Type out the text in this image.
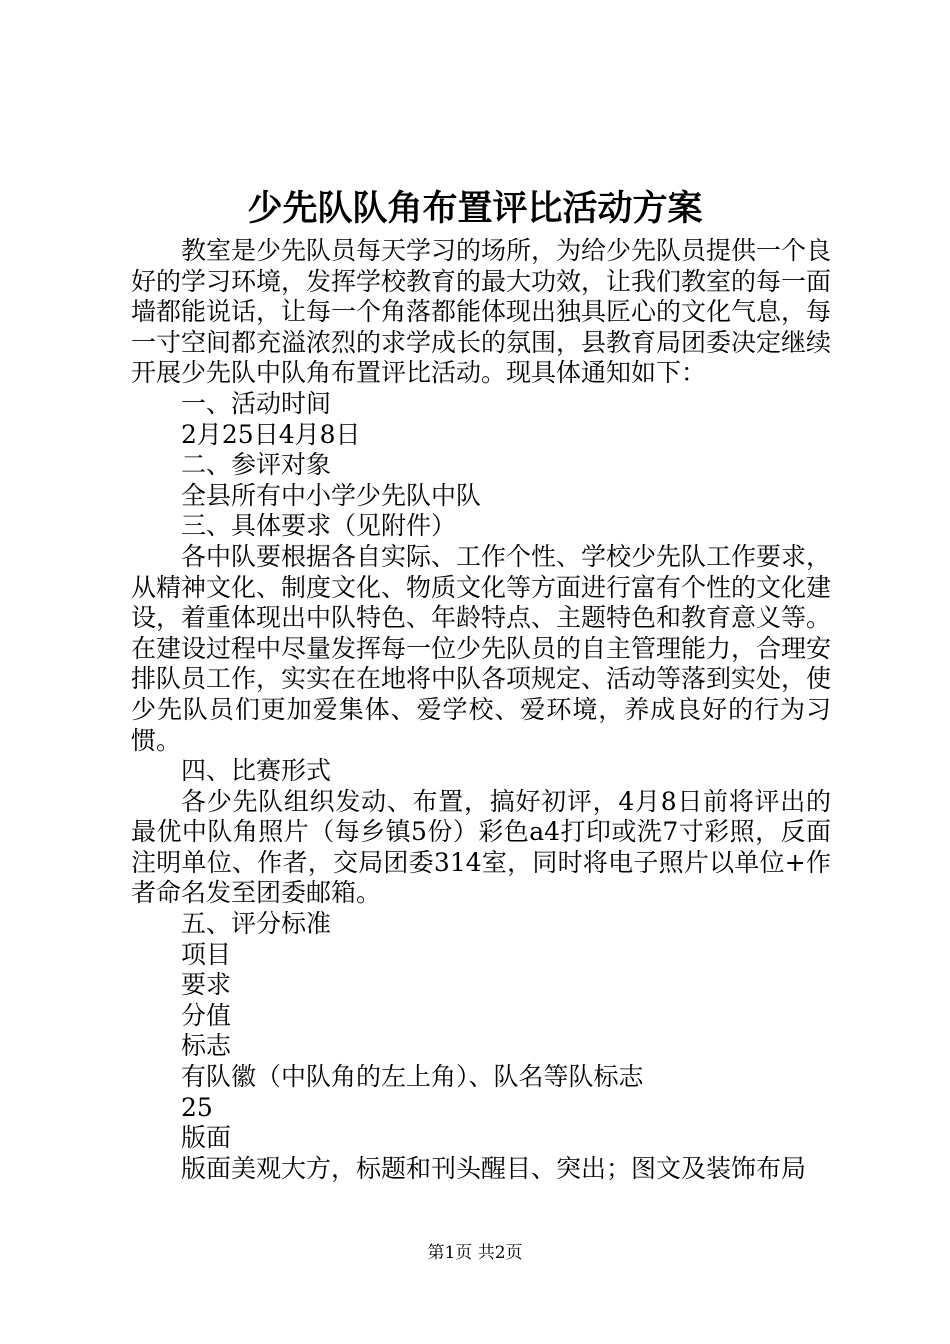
少先队队角布置评比活动方案

教室是少先队员每天学习的场所，为给少先队员提供一个良好的学习环境，发挥学校教育的最大功效，让我们教室的每一面墙都能说话，让每一个角落都能体现出独具匠心的文化气息，每一寸空间都充溢浓烈的求学成长的氛围，县教育局团委决定继续开展少先队中队角布置评比活动。现具体通知如下：

一、活动时间

2月25日4月8日

二、参评对象

全县所有中小学少先队中队

三、具体要求（见附件）

各中队要根据各自实际、工作个性、学校少先队工作要求，从精神文化、制度文化、物质文化等方面进行富有个性的文化建设，着重体现出中队特色、年龄特点、主题特色和教育意义等。在建设过程中尽量发挥每一位少先队员的自主管理能力，合理安排队员工作，实实在在地将中队各项规定、活动等落到实处，使少先队员们更加爱集体、爱学校、爱环境，养成良好的行为习惯。

四、比赛形式

各少先队组织发动、布置，搞好初评，4月8日前将评出的最优中队角照片（每乡镇5份）彩色a4打印或洗7寸彩照，反面注明单位、作者，交局团委314室，同时将电子照片以单位+作者命名发至团委邮箱。

五、评分标准

项目

要求

分值

标志

有队徽（中队角的左上角）、队名等队标志

25

版面

版面美观大方，标题和刊头醒目、突出；图文及装饰布局

第1页 共2页
